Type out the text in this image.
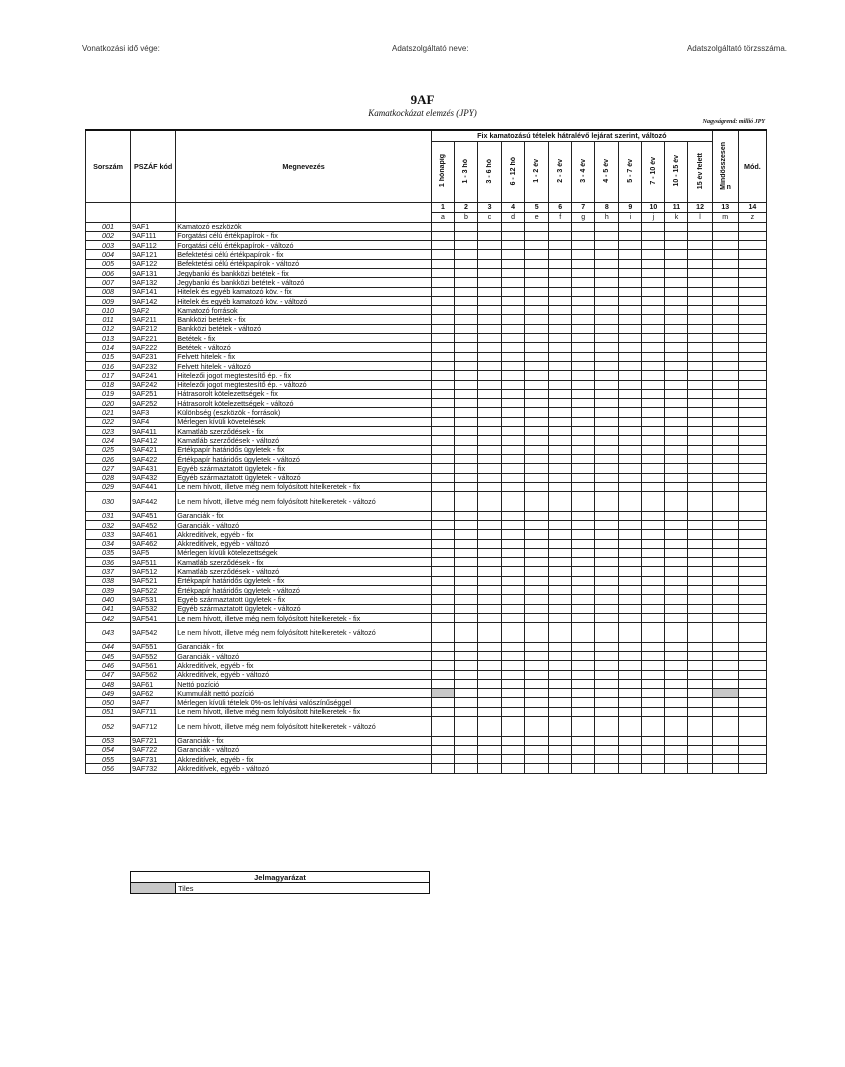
Vonatkozási idő vége:	Adatszolgáltató neve:	Adatszolgáltató törzsszáma.
9AF
Kamatkockázat elemzés (JPY)
Nagyságrend: millió JPY
Sorszám	PSZÁF kód	Megnevezés	Fix kamatozású tételek hátralévő lejárat szerint, változó												Mindösszesenn	Mód.
			1 hónapig	1 - 3 hó	3 - 6 hó	6 - 12 hó	1 - 2 év	2 - 3 év	3 - 4 év	4 - 5 év	5 - 7 év	7 - 10 év	10 - 15 év	15 év felett		
			1	2	3	4	5	6	7	8	9	10	11	12	13	14
			a	b	c	d	e	f	g	h	i	j	k	l	m	z
001	9AF1	Kamatozó eszközök														
002	9AF111	Forgatási célú értékpapírok - fix														
003	9AF112	Forgatási célú értékpapírok - változó														
004	9AF121	Befektetési célú értékpapírok - fix														
005	9AF122	Befektetési célú értékpapírok - változó														
006	9AF131	Jegybanki és bankközi betétek - fix														
007	9AF132	Jegybanki és bankközi betétek - változó														
008	9AF141	Hitelek és egyéb kamatozó köv. - fix														
009	9AF142	Hitelek és egyéb kamatozó köv. - változó														
010	9AF2	Kamatozó források														
011	9AF211	Bankközi betétek - fix														
012	9AF212	Bankközi betétek - változó														
013	9AF221	Betétek - fix														
014	9AF222	Betétek - változó														
015	9AF231	Felvett hitelek - fix														
016	9AF232	Felvett hitelek - változó														
017	9AF241	Hitelezői jogot megtestesítő ép. - fix														
018	9AF242	Hitelezői jogot megtestesítő ép. - változó														
019	9AF251	Hátrasorolt kötelezettségek - fix														
020	9AF252	Hátrasorolt kötelezettségek - változó														
021	9AF3	Különbség (eszközök - források)														
022	9AF4	Mérlegen kívüli követelések														
023	9AF411	Kamatláb szerződések - fix														
024	9AF412	Kamatláb szerződések - változó														
025	9AF421	Értékpapír határidős ügyletek - fix														
026	9AF422	Értékpapír határidős ügyletek - változó														
027	9AF431	Egyéb származtatott ügyletek - fix														
028	9AF432	Egyéb származtatott ügyletek - változó														
029	9AF441	Le nem hívott, illetve még nem folyósított hitelkeretek - fix														
030	9AF442	Le nem hívott, illetve még nem folyósított hitelkeretek - változó														
031	9AF451	Garanciák - fix														
032	9AF452	Garanciák - változó														
033	9AF461	Akkreditívek, egyéb - fix														
034	9AF462	Akkreditívek, egyéb - változó														
035	9AF5	Mérlegen kívüli kötelezettségek														
036	9AF511	Kamatláb szerződések - fix														
037	9AF512	Kamatláb szerződések - változó														
038	9AF521	Értékpapír határidős ügyletek - fix														
039	9AF522	Értékpapír határidős ügyletek - változó														
040	9AF531	Egyéb származtatott ügyletek - fix														
041	9AF532	Egyéb származtatott ügyletek - változó														
042	9AF541	Le nem hívott, illetve még nem folyósított hitelkeretek - fix														
043	9AF542	Le nem hívott, illetve még nem folyósított hitelkeretek - változó														
044	9AF551	Garanciák - fix														
045	9AF552	Garanciák - változó														
046	9AF561	Akkreditívek, egyéb - fix														
047	9AF562	Akkreditívek, egyéb - változó														
048	9AF61	Nettó pozíció														
049	9AF62	Kummulált nettó pozíció														
050	9AF7	Mérlegen kívüli tételek 0%-os lehívási valószínűséggel														
051	9AF711	Le nem hívott, illetve még nem folyósított hitelkeretek - fix														
052	9AF712	Le nem hívott, illetve még nem folyósított hitelkeretek - változó														
053	9AF721	Garanciák - fix														
054	9AF722	Garanciák - változó														
055	9AF731	Akkreditívek, egyéb - fix														
056	9AF732	Akkreditívek, egyéb - változó														
Jelmagyarázat
	Tiles
